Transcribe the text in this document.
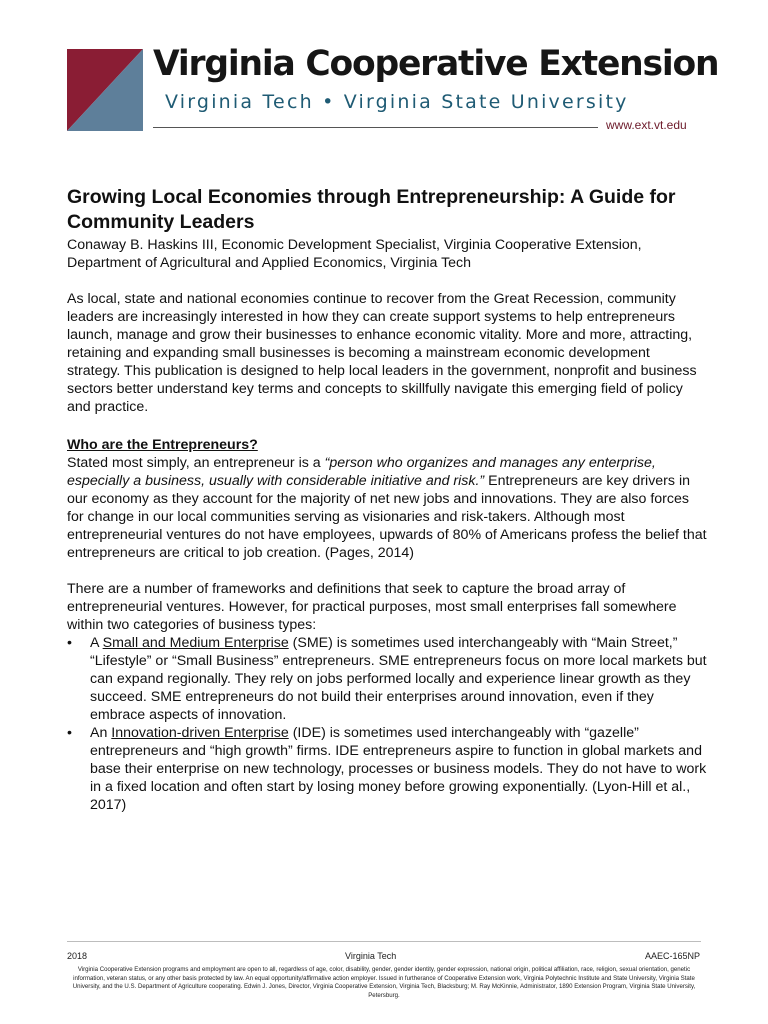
Virginia Cooperative Extension
Virginia Tech • Virginia State University
www.ext.vt.edu
Growing Local Economies through Entrepreneurship: A Guide for Community Leaders

Conaway B. Haskins III, Economic Development Specialist, Virginia Cooperative Extension, Department of Agricultural and Applied Economics, Virginia Tech

As local, state and national economies continue to recover from the Great Recession, community leaders are increasingly interested in how they can create support systems to help entrepreneurs launch, manage and grow their businesses to enhance economic vitality. More and more, attracting, retaining and expanding small businesses is becoming a mainstream economic development strategy. This publication is designed to help local leaders in the government, nonprofit and business sectors better understand key terms and concepts to skillfully navigate this emerging field of policy and practice.

Who are the Entrepreneurs?

Stated most simply, an entrepreneur is a “person who organizes and manages any enterprise, especially a business, usually with considerable initiative and risk.” Entrepreneurs are key drivers in our economy as they account for the majority of net new jobs and innovations. They are also forces for change in our local communities serving as visionaries and risk-takers. Although most entrepreneurial ventures do not have employees, upwards of 80% of Americans profess the belief that entrepreneurs are critical to job creation. (Pages, 2014)

There are a number of frameworks and definitions that seek to capture the broad array of entrepreneurial ventures. However, for practical purposes, most small enterprises fall somewhere within two categories of business types:

• A Small and Medium Enterprise (SME) is sometimes used interchangeably with “Main Street,” “Lifestyle” or “Small Business” entrepreneurs. SME entrepreneurs focus on more local markets but can expand regionally. They rely on jobs performed locally and experience linear growth as they succeed. SME entrepreneurs do not build their enterprises around innovation, even if they embrace aspects of innovation.
• An Innovation-driven Enterprise (IDE) is sometimes used interchangeably with “gazelle” entrepreneurs and “high growth” firms. IDE entrepreneurs aspire to function in global markets and base their enterprise on new technology, processes or business models. They do not have to work in a fixed location and often start by losing money before growing exponentially. (Lyon-Hill et al., 2017)
2018	Virginia Tech	AAEC-165NP
Virginia Cooperative Extension programs and employment are open to all, regardless of age, color, disability, gender, gender identity, gender expression, national origin, political affiliation, race, religion, sexual orientation, genetic information, veteran status, or any other basis protected by law. An equal opportunity/affirmative action employer. Issued in furtherance of Cooperative Extension work, Virginia Polytechnic Institute and State University, Virginia State University, and the U.S. Department of Agriculture cooperating. Edwin J. Jones, Director, Virginia Cooperative Extension, Virginia Tech, Blacksburg; M. Ray McKinnie, Administrator, 1890 Extension Program, Virginia State University, Petersburg.
